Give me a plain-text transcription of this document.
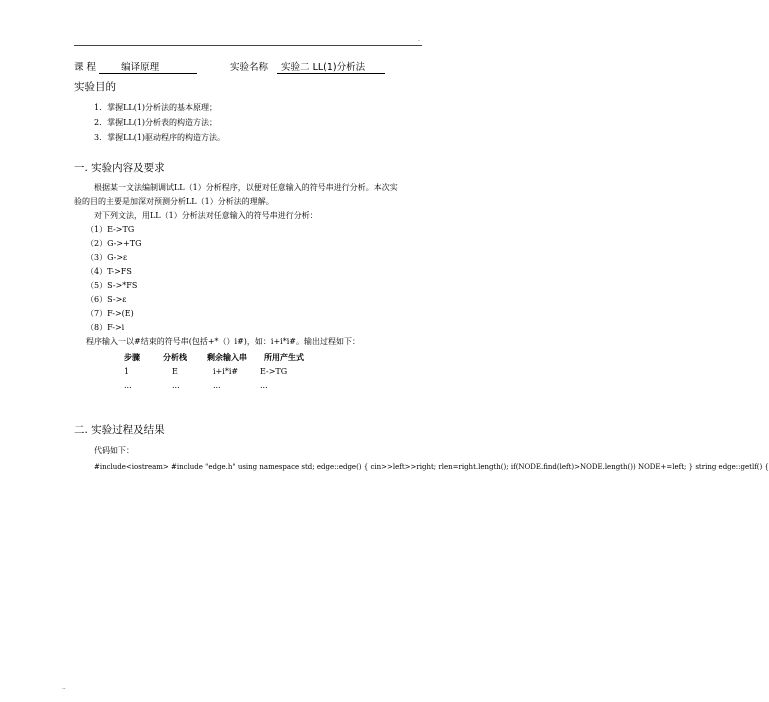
.
课 程	编译原理	实验名称 实验二 LL(1)分析法
实验目的
1．掌握LL(1)分析法的基本原理；
2．掌握LL(1)分析表的构造方法；
3．掌握LL(1)驱动程序的构造方法。
一. 实验内容及要求
根据某一文法编制调试LL（1）分析程序，以便对任意输入的符号串进行分析。本次实
验的目的主要是加深对预测分析LL（1）分析法的理解。
对下列文法，用LL（1）分析法对任意输入的符号串进行分析：
（1）E->TG
（2）G->+TG
（3）G->ε
（4）T->FS
（5）S->*FS
（6）S->ε
（7）F->(E)
（8）F->i
程序输入一以#结束的符号串(包括+*（）i#)，如：i+i*i#。输出过程如下：
步骤	分析栈	剩余输入串 所用产生式
1	E	i+i*i#	E->TG
...	...	...	...
二. 实验过程及结果
代码如下：
#include<iostream> #include "edge.h" using namespace std; edge::edge() { cin>>left>>right; rlen=right.length(); if(NODE.find(left)>NODE.length()) NODE+=left; } string edge::getlf() {
..
